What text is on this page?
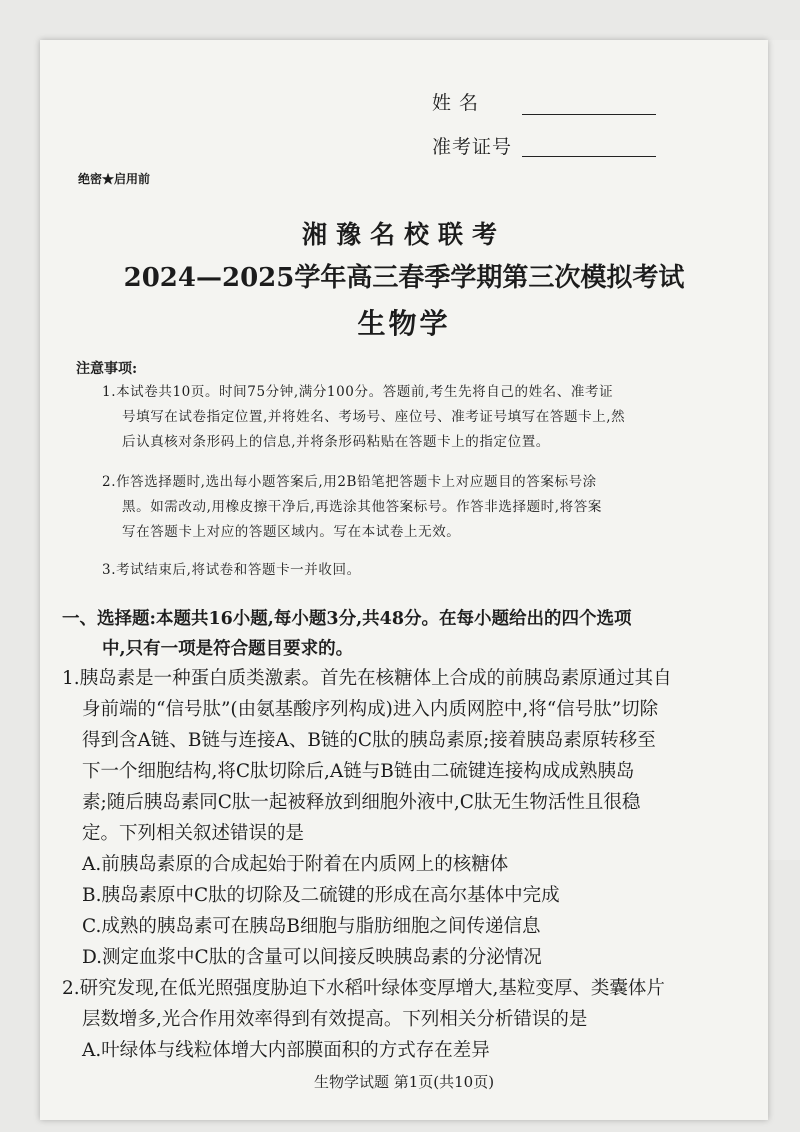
姓 名
准考证号
绝密★启用前
湘豫名校联考
2024—2025学年高三春季学期第三次模拟考试
生物学
注意事项:
1.本试卷共10页。时间75分钟,满分100分。答题前,考生先将自己的姓名、准考证
号填写在试卷指定位置,并将姓名、考场号、座位号、准考证号填写在答题卡上,然
后认真核对条形码上的信息,并将条形码粘贴在答题卡上的指定位置。
2.作答选择题时,选出每小题答案后,用2B铅笔把答题卡上对应题目的答案标号涂
黑。如需改动,用橡皮擦干净后,再选涂其他答案标号。作答非选择题时,将答案
写在答题卡上对应的答题区域内。写在本试卷上无效。
3.考试结束后,将试卷和答题卡一并收回。
一、选择题:本题共16小题,每小题3分,共48分。在每小题给出的四个选项
中,只有一项是符合题目要求的。
1.胰岛素是一种蛋白质类激素。首先在核糖体上合成的前胰岛素原通过其自
身前端的“信号肽”(由氨基酸序列构成)进入内质网腔中,将“信号肽”切除
得到含A链、B链与连接A、B链的C肽的胰岛素原;接着胰岛素原转移至
下一个细胞结构,将C肽切除后,A链与B链由二硫键连接构成成熟胰岛
素;随后胰岛素同C肽一起被释放到细胞外液中,C肽无生物活性且很稳
定。下列相关叙述错误的是
A.前胰岛素原的合成起始于附着在内质网上的核糖体
B.胰岛素原中C肽的切除及二硫键的形成在高尔基体中完成
C.成熟的胰岛素可在胰岛B细胞与脂肪细胞之间传递信息
D.测定血浆中C肽的含量可以间接反映胰岛素的分泌情况
2.研究发现,在低光照强度胁迫下水稻叶绿体变厚增大,基粒变厚、类囊体片
层数增多,光合作用效率得到有效提高。下列相关分析错误的是
A.叶绿体与线粒体增大内部膜面积的方式存在差异
生物学试题 第1页(共10页)
